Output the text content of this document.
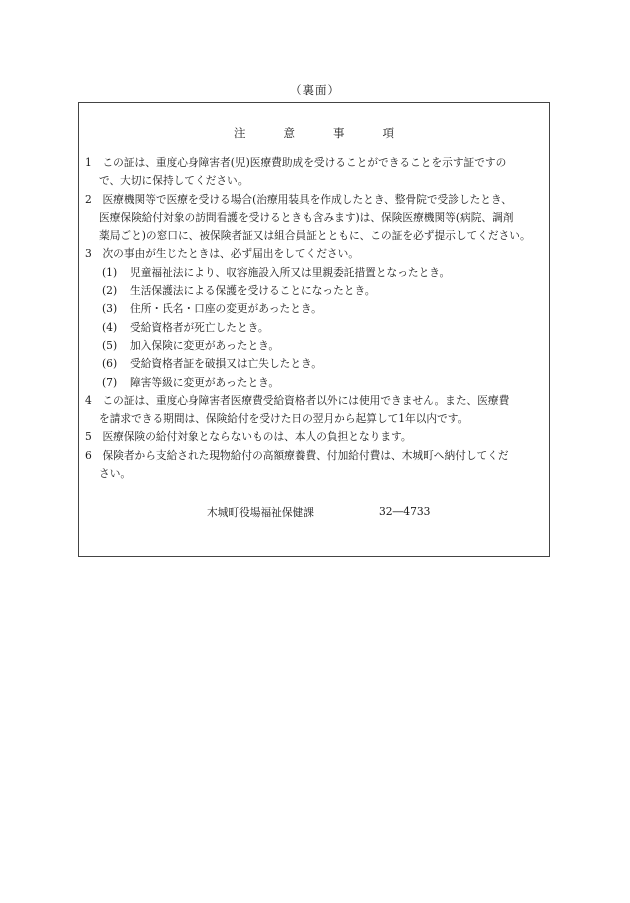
（裏面）
注	意	事	項
1　この証は、重度心身障害者(児)医療費助成を受けることができることを示す証ですの
で、大切に保持してください。
2　医療機関等で医療を受ける場合(治療用装具を作成したとき、整骨院で受診したとき、
医療保険給付対象の訪問看護を受けるときも含みます)は、保険医療機関等(病院、調剤
薬局ごと)の窓口に、被保険者証又は組合員証とともに、この証を必ず提示してください。
3　次の事由が生じたときは、必ず届出をしてください。
(1) 児童福祉法により、収容施設入所又は里親委託措置となったとき。
(2) 生活保護法による保護を受けることになったとき。
(3) 住所・氏名・口座の変更があったとき。
(4) 受給資格者が死亡したとき。
(5) 加入保険に変更があったとき。
(6) 受給資格者証を破損又は亡失したとき。
(7) 障害等級に変更があったとき。
4　この証は、重度心身障害者医療費受給資格者以外には使用できません。また、医療費
を請求できる期間は、保険給付を受けた日の翌月から起算して1年以内です。
5　医療保険の給付対象とならないものは、本人の負担となります。
6　保険者から支給された現物給付の高額療養費、付加給付費は、木城町へ納付してくだ
さい。
木城町役場福祉保健課	32―4733
